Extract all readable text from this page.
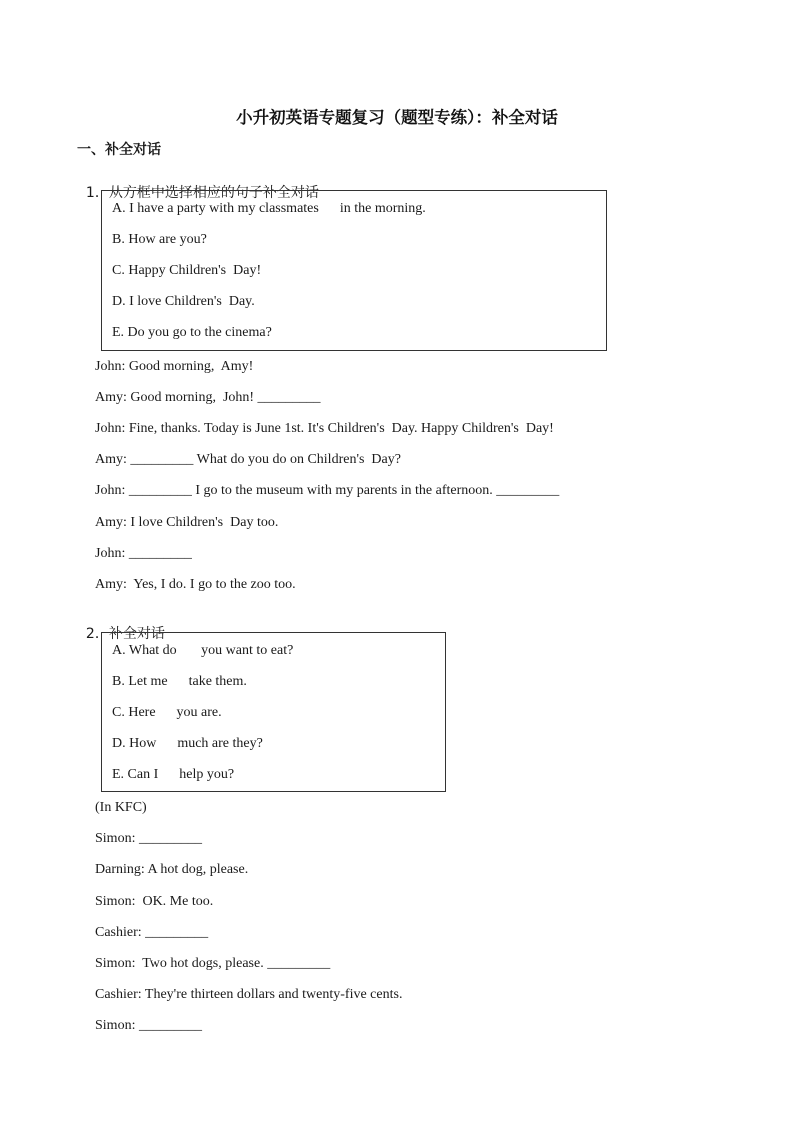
小升初英语专题复习（题型专练）：补全对话
一、补全对话

1．从方框中选择相应的句子补全对话

A. I have a party with my classmates      in the morning.
B. How are you?
C. Happy Children's  Day!
D. I love Children's  Day.
E. Do you go to the cinema?
John: Good morning,  Amy!
Amy: Good morning,  John! _________
John: Fine, thanks. Today is June 1st. It's Children's  Day. Happy Children's  Day!
Amy: _________ What do you do on Children's  Day?
John: _________ I go to the museum with my parents in the afternoon. _________
Amy: I love Children's  Day too.
John: _________
Amy:  Yes, I do. I go to the zoo too.

2．补全对话

A. What do       you want to eat?
B. Let me      take them.
C. Here      you are.
D. How      much are they?
E. Can I      help you?
(In KFC)
Simon: _________
Darning: A hot dog, please.
Simon:  OK. Me too.
Cashier: _________
Simon:  Two hot dogs, please. _________
Cashier: They're thirteen dollars and twenty-five cents.
Simon: _________
